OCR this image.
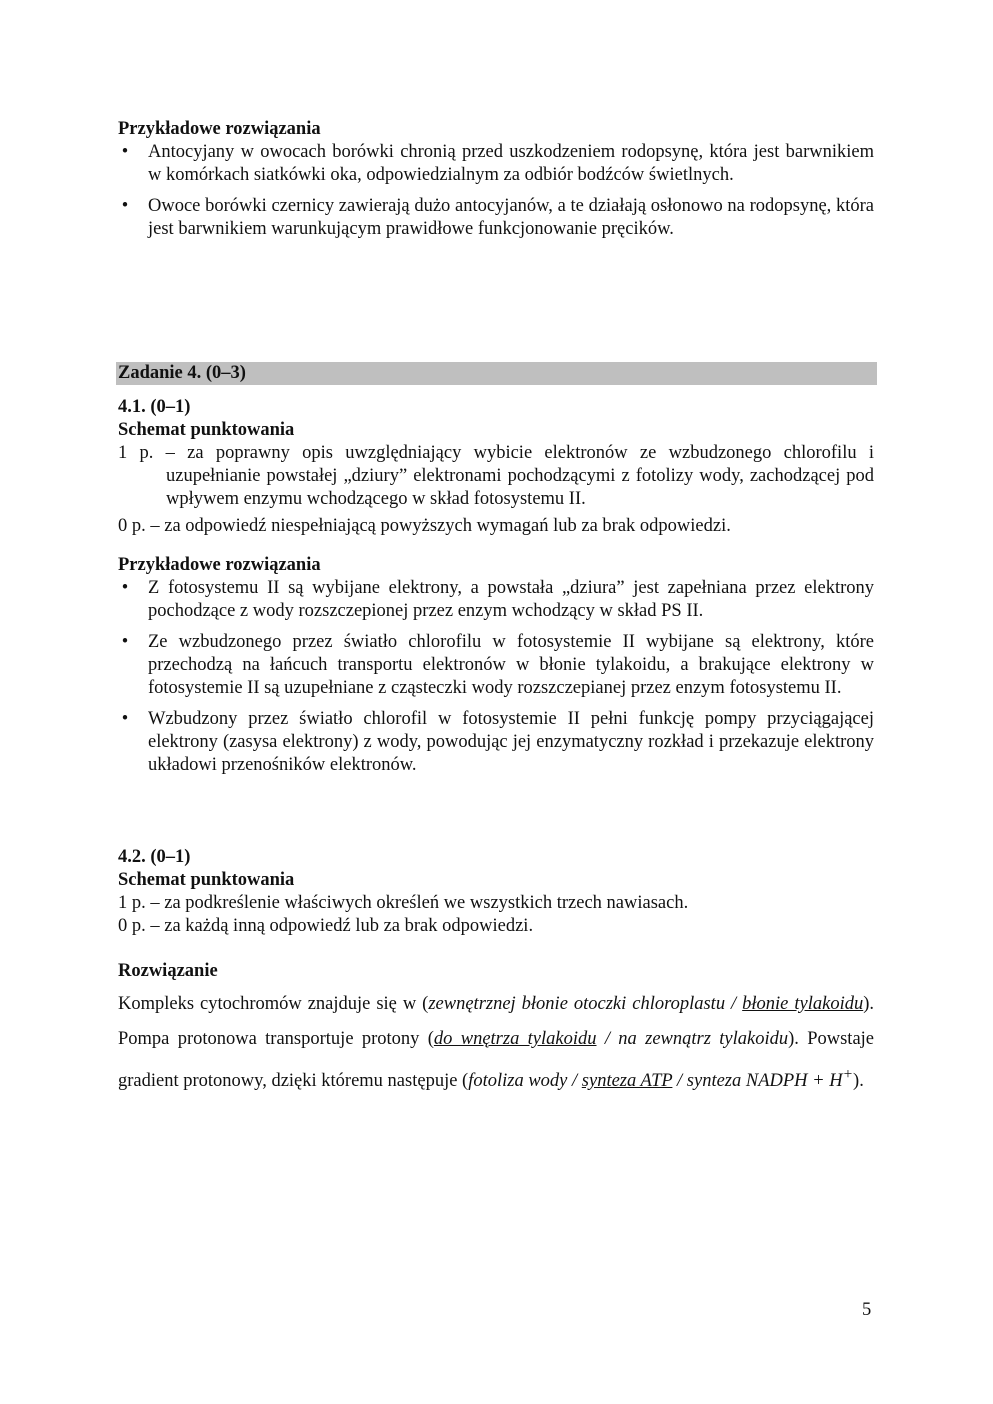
Przykładowe rozwiązania
• Antocyjany w owocach borówki chronią przed uszkodzeniem rodopsynę, która jest barwnikiem w komórkach siatkówki oka, odpowiedzialnym za odbiór bodźców świetlnych.
• Owoce borówki czernicy zawierają dużo antocyjanów, a te działają osłonowo na rodopsynę, która jest barwnikiem warunkującym prawidłowe funkcjonowanie pręcików.
Zadanie 4. (0–3)
4.1. (0–1)
Schemat punktowania
1 p. – za poprawny opis uwzględniający wybicie elektronów ze wzbudzonego chlorofilu i uzupełnianie powstałej „dziury” elektronami pochodzącymi z fotolizy wody, zachodzącej pod wpływem enzymu wchodzącego w skład fotosystemu II.
0 p. – za odpowiedź niespełniającą powyższych wymagań lub za brak odpowiedzi.
Przykładowe rozwiązania
• Z fotosystemu II są wybijane elektrony, a powstała „dziura” jest zapełniana przez elektrony pochodzące z wody rozszczepionej przez enzym wchodzący w skład PS II.
• Ze wzbudzonego przez światło chlorofilu w fotosystemie II wybijane są elektrony, które przechodzą na łańcuch transportu elektronów w błonie tylakoidu, a brakujące elektrony w fotosystemie II są uzupełniane z cząsteczki wody rozszczepianej przez enzym fotosystemu II.
• Wzbudzony przez światło chlorofil w fotosystemie II pełni funkcję pompy przyciągającej elektrony (zasysa elektrony) z wody, powodując jej enzymatyczny rozkład i przekazuje elektrony układowi przenośników elektronów.
4.2. (0–1)
Schemat punktowania
1 p. – za podkreślenie właściwych określeń we wszystkich trzech nawiasach.
0 p. – za każdą inną odpowiedź lub za brak odpowiedzi.
Rozwiązanie
Kompleks cytochromów znajduje się w (zewnętrznej błonie otoczki chloroplastu / błonie tylakoidu). Pompa protonowa transportuje protony (do wnętrza tylakoidu / na zewnątrz tylakoidu). Powstaje gradient protonowy, dzięki któremu następuje (fotoliza wody / synteza ATP / synteza NADPH + H+).
5
